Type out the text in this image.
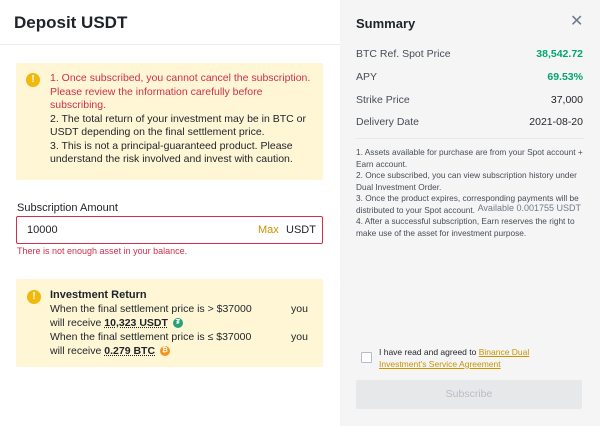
Deposit USDT
!	1. Once subscribed, you cannot cancel the subscription. Please review the information carefully before subscribing.
2. The total return of your investment may be in BTC or USDT depending on the final settlement price.
3. This is not a principal-guaranteed product. Please understand the risk involved and invest with caution.
Subscription Amount	Available 0.001755 USDT
10000	Max USDT
There is not enough asset in your balance.
!	Investment Return
When the final settlement price is > $37000	you
will receive 10,323 USDT ₮
When the final settlement price is ≤ $37000	you
will receive 0.279 BTC ₿
Summary	✕
BTC Ref. Spot Price	38,542.72
APY	69.53%
Strike Price	37,000
Delivery Date	2021-08-20
1. Assets available for purchase are from your Spot account + Earn account.
2. Once subscribed, you can view subscription history under Dual Investment Order.
3. Once the product expires, corresponding payments will be distributed to your Spot account.
4. After a successful subscription, Earn reserves the right to make use of the asset for investment purpose.
I have read and agreed to Binance Dual Investment's Service Agreement
Subscribe
